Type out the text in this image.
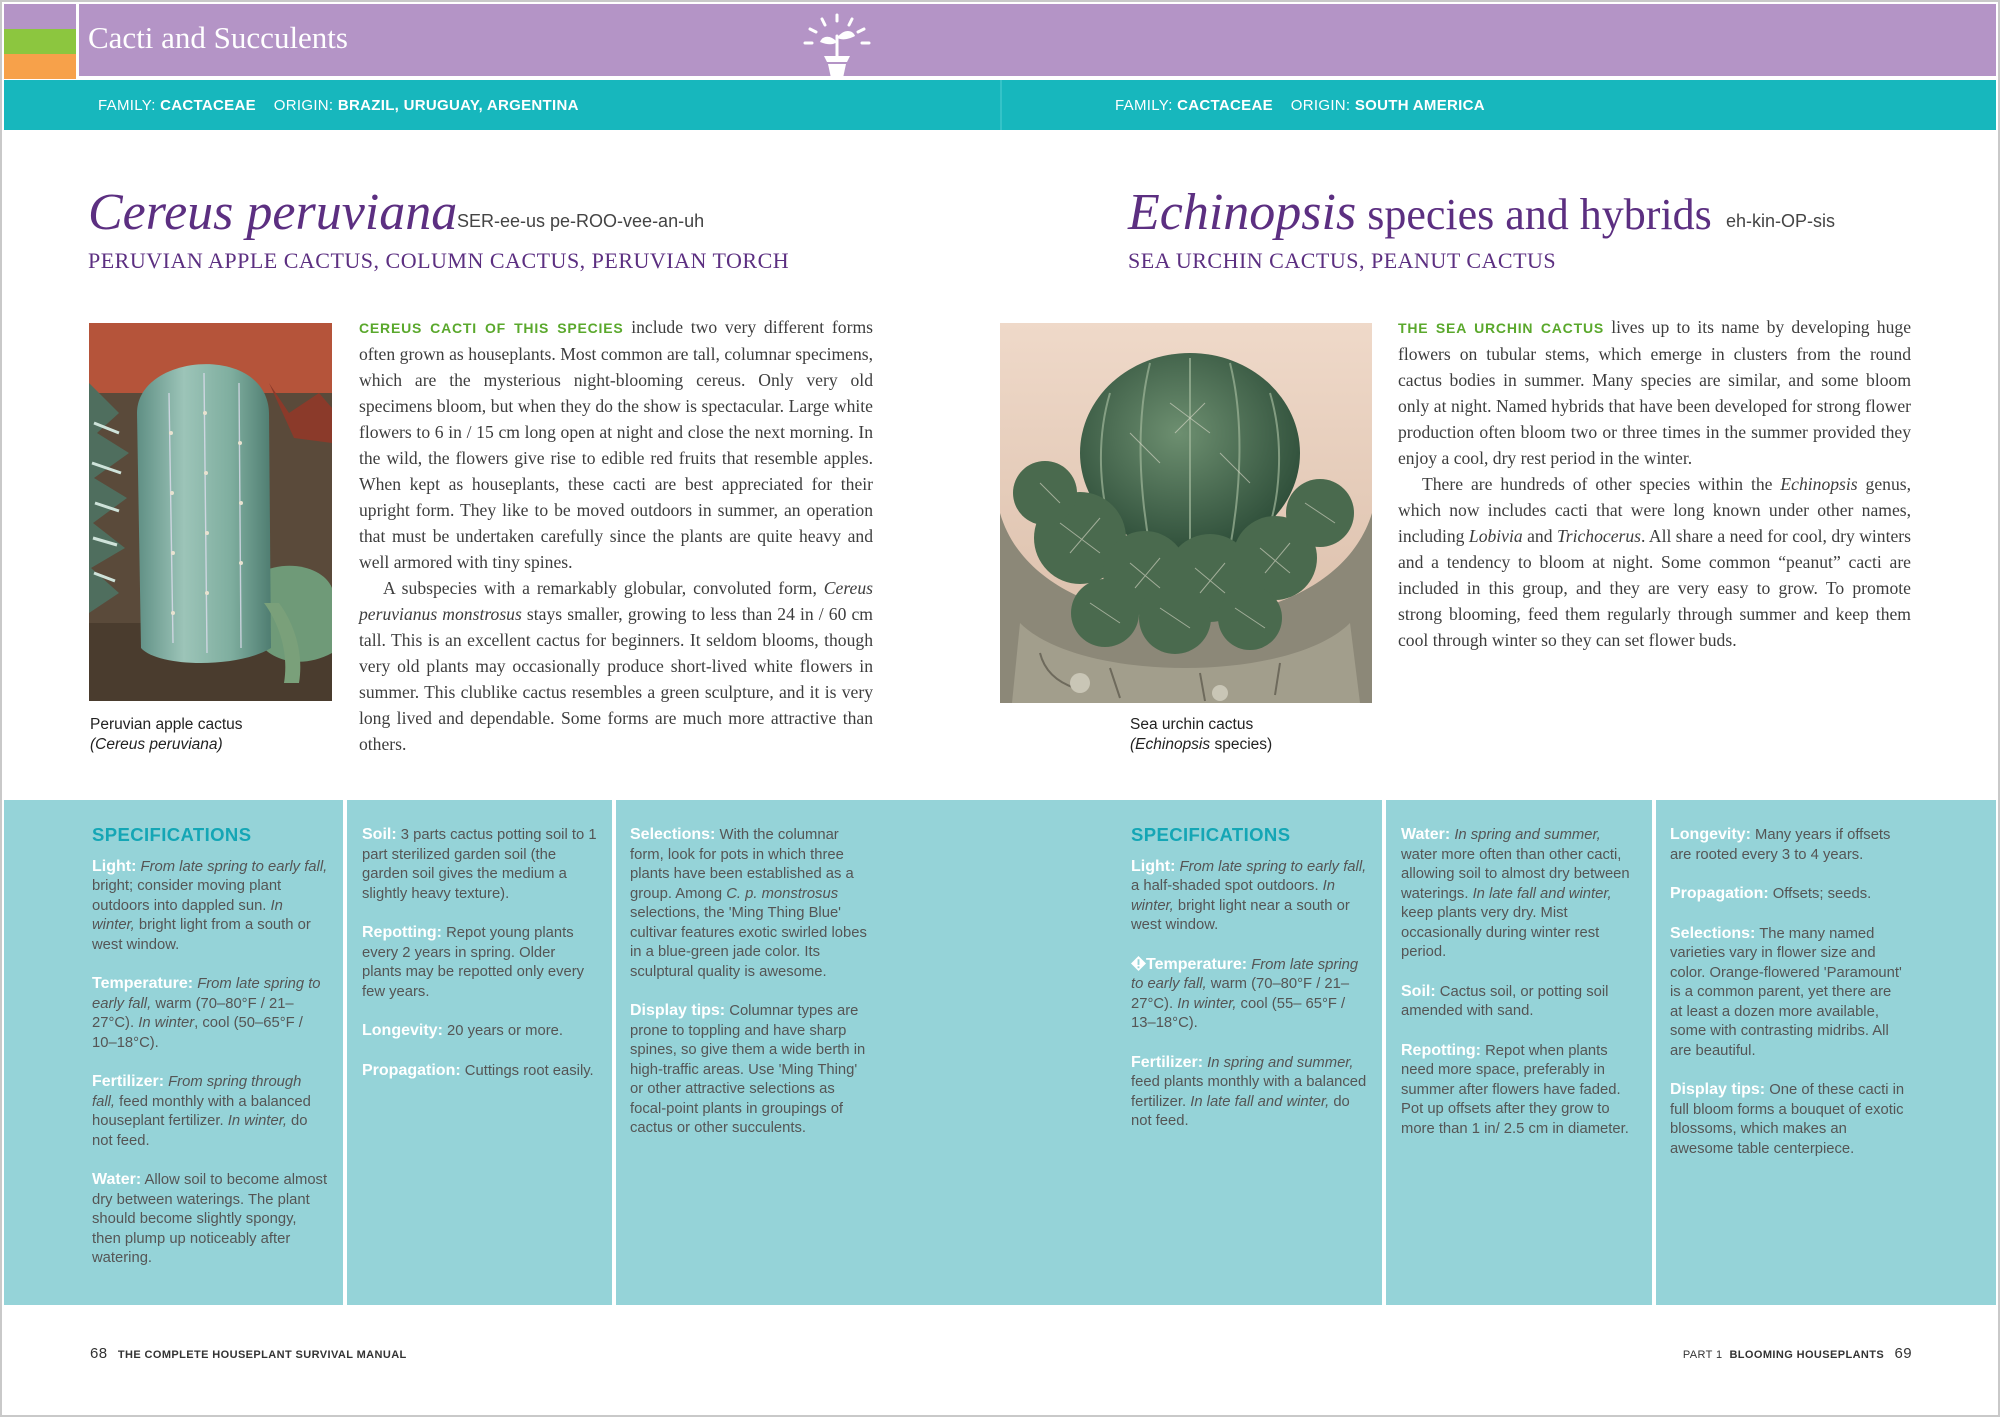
Cacti and Succulents
FAMILY: CACTACEAE ORIGIN: BRAZIL, URUGUAY, ARGENTINA	FAMILY: CACTACEAE ORIGIN: SOUTH AMERICA
Cereus peruviana SER-ee-us pe-ROO-vee-an-uh
PERUVIAN APPLE CACTUS, COLUMN CACTUS, PERUVIAN TORCH
Echinopsis species and hybrids eh-kin-OP-sis
SEA URCHIN CACTUS, PEANUT CACTUS
Peruvian apple cactus
(Cereus peruviana)

CEREUS CACTI OF THIS SPECIES include two very different forms often grown as houseplants. Most common are tall, columnar specimens, which are the mysterious night-blooming cereus. Only very old specimens bloom, but when they do the show is spectacular. Large white flowers to 6 in / 15 cm long open at night and close the next morning. In the wild, the flowers give rise to edible red fruits that resemble apples. When kept as houseplants, these cacti are best appreciated for their upright form. They like to be moved outdoors in summer, an operation that must be undertaken carefully since the plants are quite heavy and well armored with tiny spines.

A subspecies with a remarkably globular, convoluted form, Cereus peruvianus monstrosus stays smaller, growing to less than 24 in / 60 cm tall. This is an excellent cactus for beginners. It seldom blooms, though very old plants may occasionally produce short-lived white flowers in summer. This clublike cactus resembles a green sculpture, and it is very long lived and dependable. Some forms are much more attractive than others.

Sea urchin cactus
(Echinopsis species)

THE SEA URCHIN CACTUS lives up to its name by developing huge flowers on tubular stems, which emerge in clusters from the round cactus bodies in summer. Many species are similar, and some bloom only at night. Named hybrids that have been developed for strong flower production often bloom two or three times in the summer provided they enjoy a cool, dry rest period in the winter.

There are hundreds of other species within the Echinopsis genus, which now includes cacti that were long known under other names, including Lobivia and Trichocerus. All share a need for cool, dry winters and a tendency to bloom at night. Some common “peanut” cacti are included in this group, and they are very easy to grow. To promote strong blooming, feed them regularly through summer and keep them cool through winter so they can set flower buds.

SPECIFICATIONS

Light: From late spring to early fall, bright; consider moving plant outdoors into dappled sun. In winter, bright light from a south or west window.

Temperature: From late spring to early fall, warm (70–80°F / 21– 27°C). In winter, cool (50–65°F / 10–18°C).

Fertilizer: From spring through fall, feed monthly with a balanced houseplant fertilizer. In winter, do not feed.

Water: Allow soil to become almost dry between waterings. The plant should become slightly spongy, then plump up noticeably after watering.

Soil: 3 parts cactus potting soil to 1 part sterilized garden soil (the garden soil gives the medium a slightly heavy texture).

Repotting: Repot young plants every 2 years in spring. Older plants may be repotted only every few years.

Longevity: 20 years or more.

Propagation: Cuttings root easily.

Selections: With the columnar form, look for pots in which three plants have been established as a group. Among C. p. monstrosus selections, the 'Ming Thing Blue' cultivar features exotic swirled lobes in a blue-green jade color. Its sculptural quality is awesome.

Display tips: Columnar types are prone to toppling and have sharp spines, so give them a wide berth in high-traffic areas. Use 'Ming Thing' or other attractive selections as focal-point plants in groupings of cactus or other succulents.

SPECIFICATIONS

Light: From late spring to early fall, a half-shaded spot outdoors. In winter, bright light near a south or west window.

Temperature: From late spring to early fall, warm (70–80°F / 21– 27°C). In winter, cool (55– 65°F / 13–18°C).

Fertilizer: In spring and summer, feed plants monthly with a balanced fertilizer. In late fall and winter, do not feed.

Water: In spring and summer, water more often than other cacti, allowing soil to almost dry between waterings. In late fall and winter, keep plants very dry. Mist occasionally during winter rest period.

Soil: Cactus soil, or potting soil amended with sand.

Repotting: Repot when plants need more space, preferably in summer after flowers have faded. Pot up offsets after they grow to more than 1 in/ 2.5 cm in diameter.

Longevity: Many years if offsets are rooted every 3 to 4 years.

Propagation: Offsets; seeds.

Selections: The many named varieties vary in flower size and color. Orange-flowered 'Paramount' is a common parent, yet there are at least a dozen more available, some with contrasting midribs. All are beautiful.

Display tips: One of these cacti in full bloom forms a bouquet of exotic blossoms, which makes an awesome table centerpiece.

68 THE COMPLETE HOUSEPLANT SURVIVAL MANUAL	PART 1 BLOOMING HOUSEPLANTS 69
